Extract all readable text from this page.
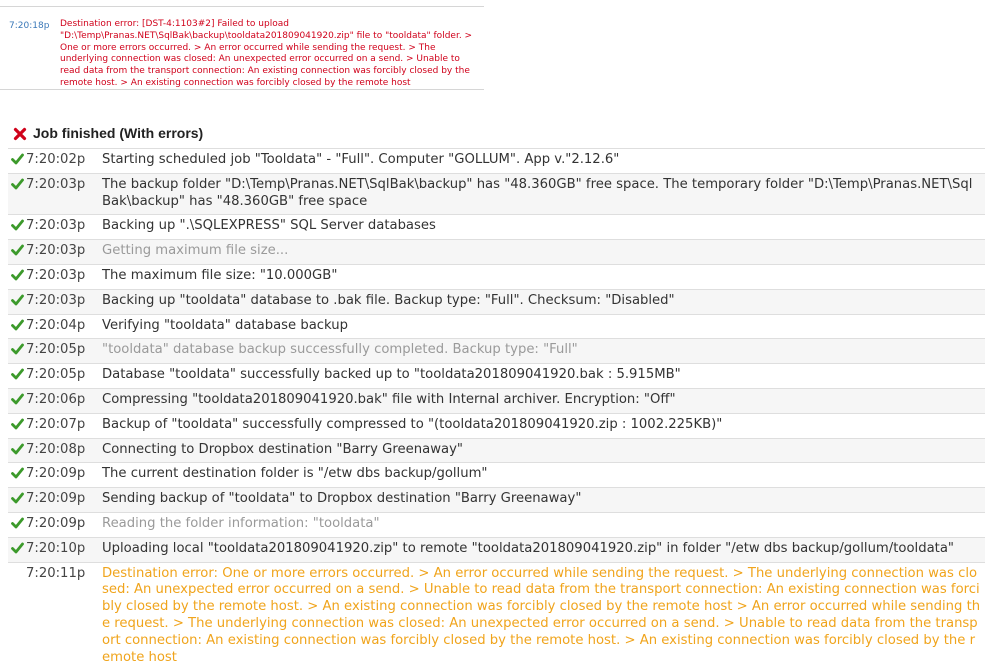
7:20:18p Destination error: [DST-4:1103#2] Failed to upload "D:\Temp\Pranas.NET\SqlBak\backup\tooldata201809041920.zip" file to "tooldata" folder. > One or more errors occurred. > An error occurred while sending the request. > The underlying connection was closed: An unexpected error occurred on a send. > Unable to read data from the transport connection: An existing connection was forcibly closed by the remote host. > An existing connection was forcibly closed by the remote host
Job finished (With errors)
7:20:02p	Starting scheduled job "Tooldata" - "Full". Computer "GOLLUM". App v."2.12.6"
7:20:03p	The backup folder "D:\Temp\Pranas.NET\SqlBak\backup" has "48.360GB" free space. The temporary folder "D:\Temp\Pranas.NET\SqlBak\backup" has "48.360GB" free space
7:20:03p	Backing up ".\SQLEXPRESS" SQL Server databases
7:20:03p	Getting maximum file size...
7:20:03p	The maximum file size: "10.000GB"
7:20:03p	Backing up "tooldata" database to .bak file. Backup type: "Full". Checksum: "Disabled"
7:20:04p	Verifying "tooldata" database backup
7:20:05p	"tooldata" database backup successfully completed. Backup type: "Full"
7:20:05p	Database "tooldata" successfully backed up to "tooldata201809041920.bak : 5.915MB"
7:20:06p	Compressing "tooldata201809041920.bak" file with Internal archiver. Encryption: "Off"
7:20:07p	Backup of "tooldata" successfully compressed to "(tooldata201809041920.zip : 1002.225KB)"
7:20:08p	Connecting to Dropbox destination "Barry Greenaway"
7:20:09p	The current destination folder is "/etw dbs backup/gollum"
7:20:09p	Sending backup of "tooldata" to Dropbox destination "Barry Greenaway"
7:20:09p	Reading the folder information: "tooldata"
7:20:10p	Uploading local "tooldata201809041920.zip" to remote "tooldata201809041920.zip" in folder "/etw dbs backup/gollum/tooldata"
7:20:11p	Destination error: One or more errors occurred. > An error occurred while sending the request. > The underlying connection was closed: An unexpected error occurred on a send. > Unable to read data from the transport connection: An existing connection was forcibly closed by the remote host. > An existing connection was forcibly closed by the remote host > An error occurred while sending the request. > The underlying connection was closed: An unexpected error occurred on a send. > Unable to read data from the transport connection: An existing connection was forcibly closed by the remote host. > An existing connection was forcibly closed by the remote host
